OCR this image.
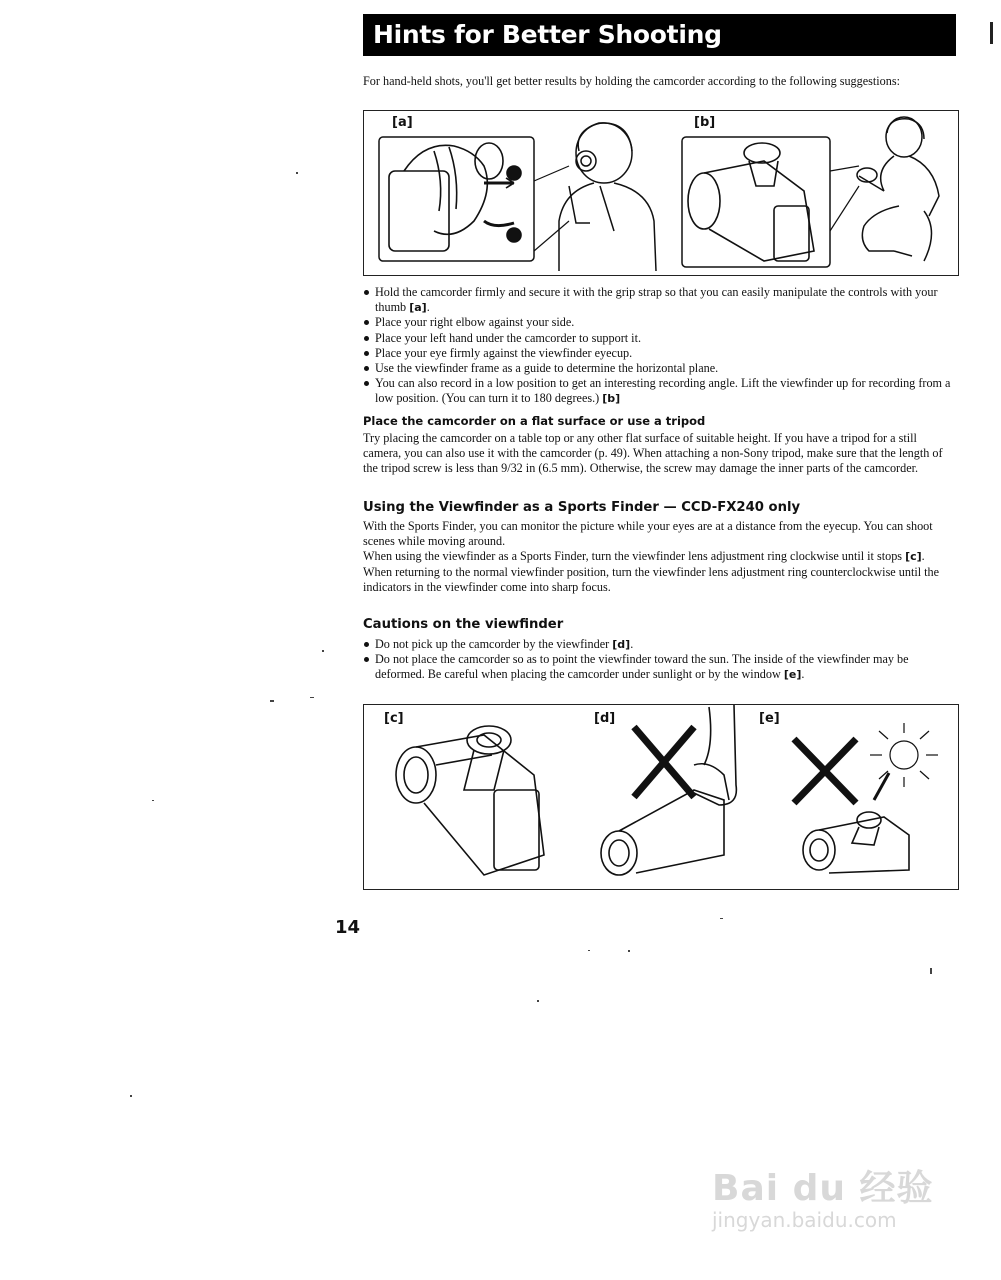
Hints for Better Shooting
For hand-held shots, you'll get better results by holding the camcorder according to the following suggestions:
[a]	[b]
Hold the camcorder firmly and secure it with the grip strap so that you can easily manipulate the controls with your thumb [a].
Place your right elbow against your side.
Place your left hand under the camcorder to support it.
Place your eye firmly against the viewfinder eyecup.
Use the viewfinder frame as a guide to determine the horizontal plane.
You can also record in a low position to get an interesting recording angle. Lift the viewfinder up for recording from a low position. (You can turn it to 180 degrees.) [b]
Place the camcorder on a flat surface or use a tripod
Try placing the camcorder on a table top or any other flat surface of suitable height. If you have a tripod for a still camera, you can also use it with the camcorder (p. 49). When attaching a non-Sony tripod, make sure that the length of the tripod screw is less than 9/32 in (6.5 mm). Otherwise, the screw may damage the inner parts of the camcorder.
Using the Viewfinder as a Sports Finder — CCD-FX240 only
With the Sports Finder, you can monitor the picture while your eyes are at a distance from the eyecup. You can shoot scenes while moving around.
When using the viewfinder as a Sports Finder, turn the viewfinder lens adjustment ring clockwise until it stops [c].
When returning to the normal viewfinder position, turn the viewfinder lens adjustment ring counterclockwise until the indicators in the viewfinder come into sharp focus.
Cautions on the viewfinder
Do not pick up the camcorder by the viewfinder [d].
Do not place the camcorder so as to point the viewfinder toward the sun. The inside of the viewfinder may be deformed. Be careful when placing the camcorder under sunlight or by the window [e].
[c]	[d]	[e]
14
Bai du 经验
jingyan.baidu.com
